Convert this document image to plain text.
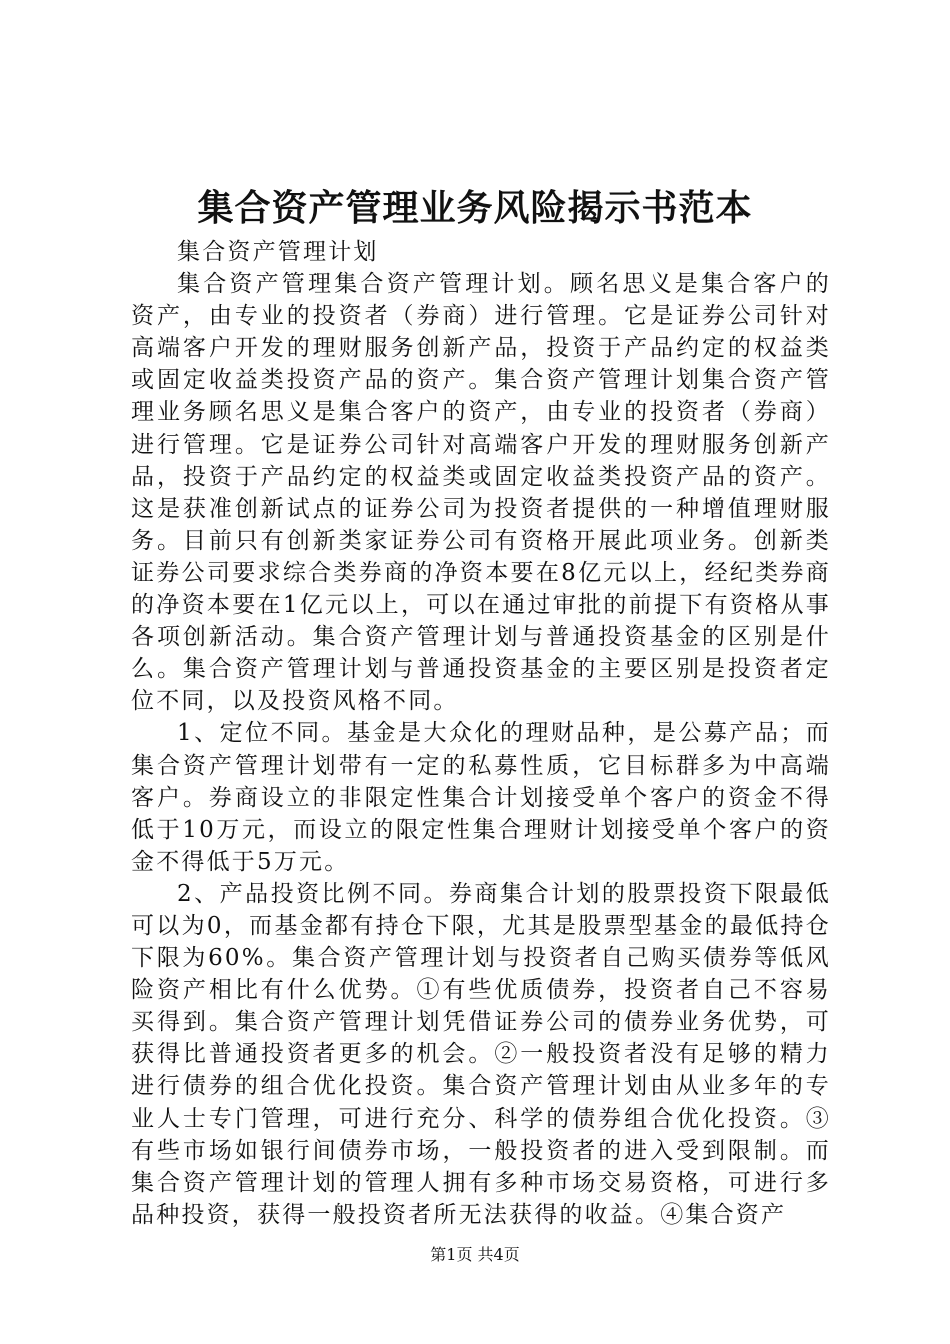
集合资产管理业务风险揭示书范本

集合资产管理计划

集合资产管理集合资产管理计划。顾名思义是集合客户的资产，由专业的投资者（券商）进行管理。它是证券公司针对高端客户开发的理财服务创新产品，投资于产品约定的权益类或固定收益类投资产品的资产。集合资产管理计划集合资产管理业务顾名思义是集合客户的资产，由专业的投资者（券商）进行管理。它是证券公司针对高端客户开发的理财服务创新产品，投资于产品约定的权益类或固定收益类投资产品的资产。这是获准创新试点的证券公司为投资者提供的一种增值理财服务。目前只有创新类家证券公司有资格开展此项业务。创新类证券公司要求综合类券商的净资本要在8亿元以上，经纪类券商的净资本要在1亿元以上，可以在通过审批的前提下有资格从事各项创新活动。集合资产管理计划与普通投资基金的区别是什么。集合资产管理计划与普通投资基金的主要区别是投资者定位不同，以及投资风格不同。

1、定位不同。基金是大众化的理财品种，是公募产品；而集合资产管理计划带有一定的私募性质，它目标群多为中高端客户。券商设立的非限定性集合计划接受单个客户的资金不得低于10万元，而设立的限定性集合理财计划接受单个客户的资金不得低于5万元。

2、产品投资比例不同。券商集合计划的股票投资下限最低可以为0，而基金都有持仓下限，尤其是股票型基金的最低持仓下限为60%。集合资产管理计划与投资者自己购买债券等低风险资产相比有什么优势。①有些优质债券，投资者自己不容易买得到。集合资产管理计划凭借证券公司的债券业务优势，可获得比普通投资者更多的机会。②一般投资者没有足够的精力进行债券的组合优化投资。集合资产管理计划由从业多年的专业人士专门管理，可进行充分、科学的债券组合优化投资。③有些市场如银行间债券市场，一般投资者的进入受到限制。而集合资产管理计划的管理人拥有多种市场交易资格，可进行多品种投资，获得一般投资者所无法获得的收益。④集合资产

第1页 共4页
